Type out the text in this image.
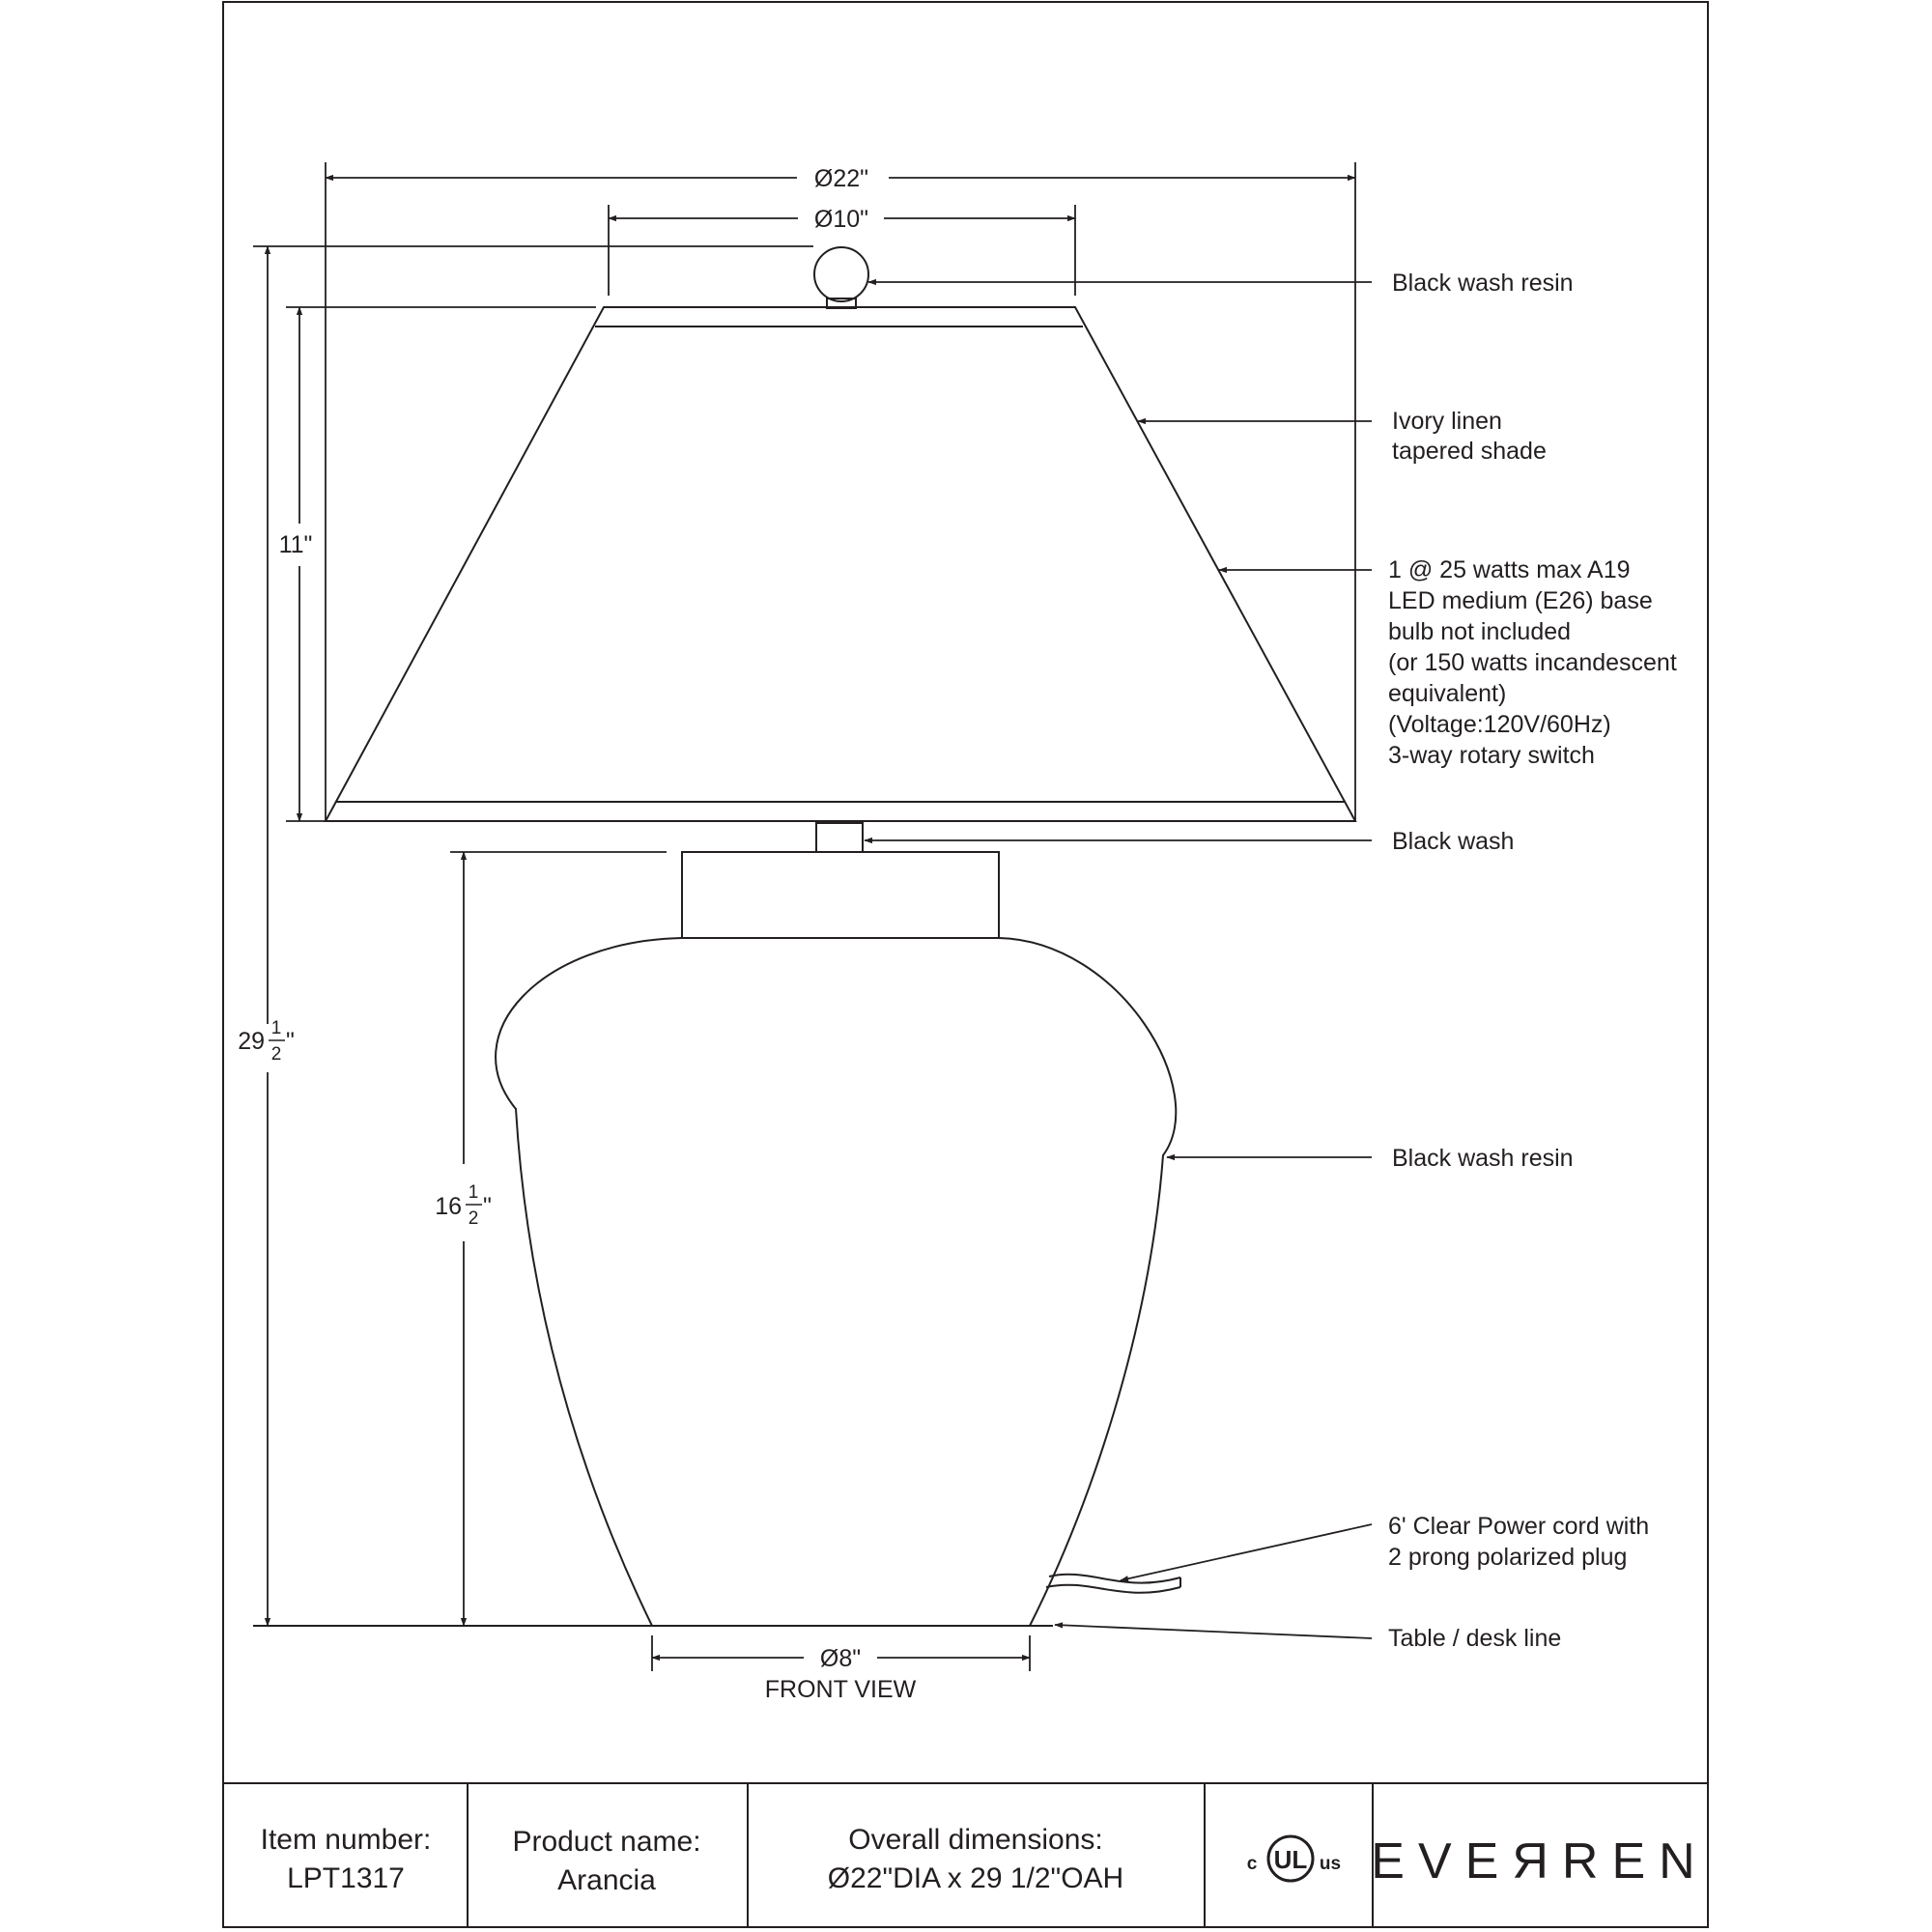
Ø22"
Ø10"
11"
29 1
2 "
16
1
2 "
Ø8"
FRONT VIEW
Black wash resin
Ivory linen tapered shade
1 @ 25 watts max A19 LED medium (E26) base bulb not included (or 150 watts incandescent equivalent) (Voltage:120V/60Hz) 3-way rotary switch
Black wash
Black wash resin
6' Clear Power cord with 2 prong polarized plug
Table / desk line
Item number:
LPT1317
Product name:
Arancia
Overall dimensions:
Ø22"DIA x 29 1/2"OAH	c UL us EVEЯREN
